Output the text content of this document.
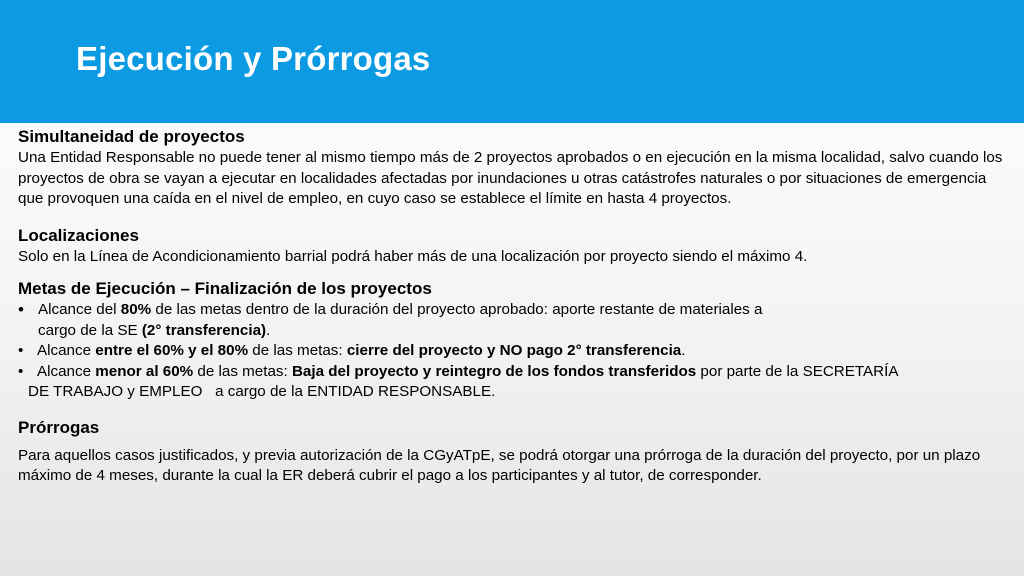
Ejecución y Prórrogas

Simultaneidad de proyectos

Una Entidad Responsable no puede tener al mismo tiempo más de 2 proyectos aprobados o en ejecución en la misma localidad, salvo cuando los proyectos de obra se vayan a ejecutar en localidades afectadas por inundaciones u otras catástrofes naturales o por situaciones de emergencia que provoquen una caída en el nivel de empleo, en cuyo caso se establece el límite en hasta 4 proyectos.

Localizaciones

Solo en la Línea de Acondicionamiento barrial podrá haber más de una localización por proyecto siendo el máximo 4.

Metas de Ejecución – Finalización de los proyectos

• Alcance del 80% de las metas dentro de la duración del proyecto aprobado: aporte restante de materiales a

cargo de la SE (2° transferencia).

• Alcance entre el 60% y el 80% de las metas: cierre del proyecto y NO pago 2° transferencia.

• Alcance menor al 60% de las metas: Baja del proyecto y reintegro de los fondos transferidos por parte de la SECRETARÍA

DE TRABAJO y EMPLEO   a cargo de la ENTIDAD RESPONSABLE.

Prórrogas

Para aquellos casos justificados, y previa autorización de la CGyATpE, se podrá otorgar una prórroga de la duración del proyecto, por un plazo máximo de 4 meses, durante la cual la ER deberá cubrir el pago a los participantes y al tutor, de corresponder.
